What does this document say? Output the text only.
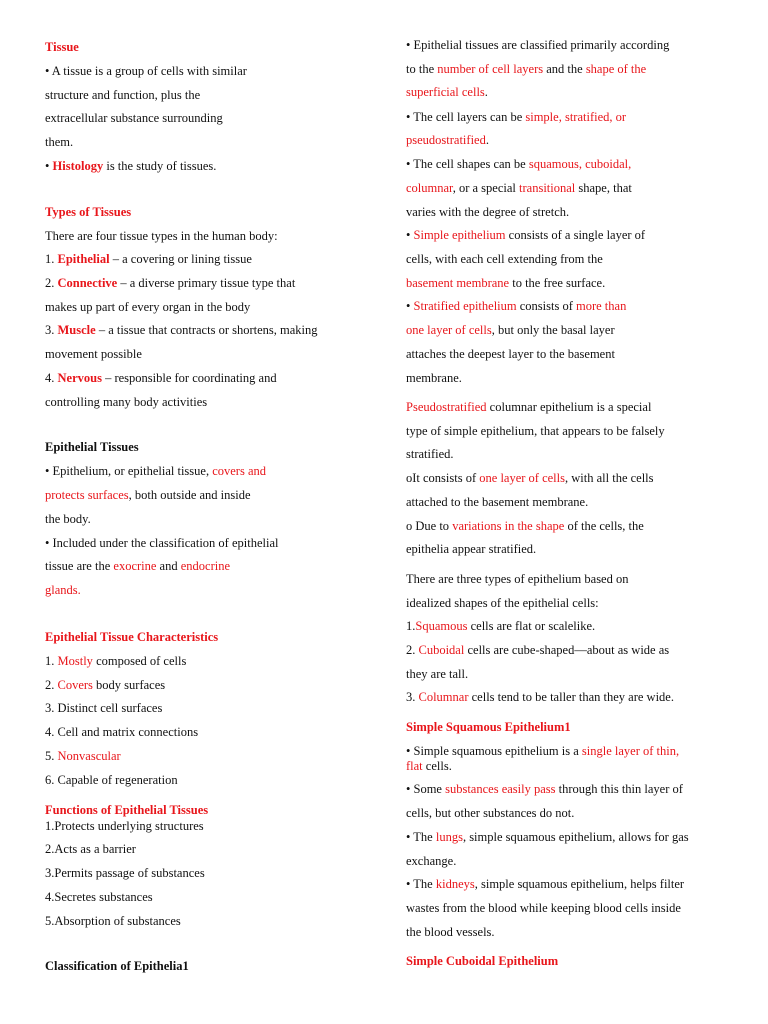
Tissue
• A tissue is a group of cells with similar
structure and function, plus the
extracellular substance surrounding
them.
• Histology is the study of tissues.
Types of Tissues
There are four tissue types in the human body:
1. Epithelial – a covering or lining tissue
2. Connective – a diverse primary tissue type that
makes up part of every organ in the body
3. Muscle – a tissue that contracts or shortens, making
movement possible
4. Nervous – responsible for coordinating and
controlling many body activities
Epithelial Tissues
• Epithelium, or epithelial tissue, covers and
protects surfaces, both outside and inside
the body.
• Included under the classification of epithelial
tissue are the exocrine and endocrine
glands.
Epithelial Tissue Characteristics
1. Mostly composed of cells
2. Covers body surfaces
3. Distinct cell surfaces
4. Cell and matrix connections
5. Nonvascular
6. Capable of regeneration
Functions of Epithelial Tissues
1.Protects underlying structures
2.Acts as a barrier
3.Permits passage of substances
4.Secretes substances
5.Absorption of substances
Classification of Epithelia1
• Epithelial tissues are classified primarily according
to the number of cell layers and the shape of the
superficial cells.
• The cell layers can be simple, stratified, or
pseudostratified.
• The cell shapes can be squamous, cuboidal,
columnar, or a special transitional shape, that
varies with the degree of stretch.
• Simple epithelium consists of a single layer of
cells, with each cell extending from the
basement membrane to the free surface.
• Stratified epithelium consists of more than
one layer of cells, but only the basal layer
attaches the deepest layer to the basement
membrane.
Pseudostratified columnar epithelium is a special
type of simple epithelium, that appears to be falsely
stratified.
oIt consists of one layer of cells, with all the cells
attached to the basement membrane.
o Due to variations in the shape of the cells, the
epithelia appear stratified.
There are three types of epithelium based on
idealized shapes of the epithelial cells:
1.Squamous cells are flat or scalelike.
2. Cuboidal cells are cube-shaped—about as wide as
they are tall.
3. Columnar cells tend to be taller than they are wide.
Simple Squamous Epithelium1
• Simple squamous epithelium is a single layer of thin,
flat cells.
• Some substances easily pass through this thin layer of
cells, but other substances do not.
• The lungs, simple squamous epithelium, allows for gas
exchange.
• The kidneys, simple squamous epithelium, helps filter
wastes from the blood while keeping blood cells inside
the blood vessels.
Simple Cuboidal Epithelium
